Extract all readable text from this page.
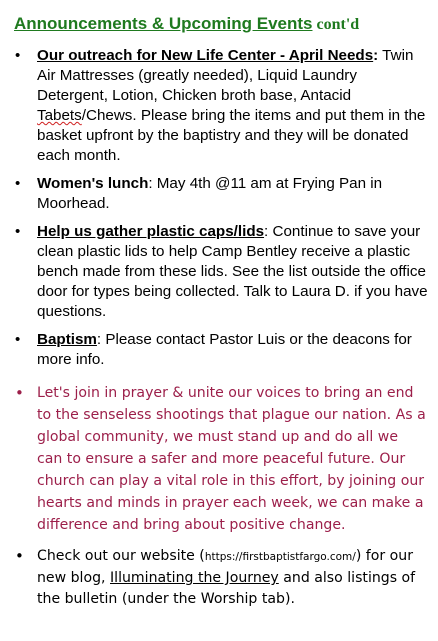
Announcements & Upcoming Events cont'd
• Our outreach for New Life Center - April Needs: Twin Air Mattresses (greatly needed), Liquid Laundry Detergent, Lotion, Chicken broth base, Antacid Tabets/Chews. Please bring the items and put them in the basket upfront by the baptistry and they will be donated each month.
• Women's lunch: May 4th @11 am at Frying Pan in Moorhead.
• Help us gather plastic caps/lids: Continue to save your clean plastic lids to help Camp Bentley receive a plastic bench made from these lids. See the list outside the office door for types being collected. Talk to Laura D. if you have questions.
• Baptism: Please contact Pastor Luis or the deacons for more info.
• Let's join in prayer & unite our voices to bring an end to the senseless shootings that plague our nation. As a global community, we must stand up and do all we can to ensure a safer and more peaceful future. Our church can play a vital role in this effort, by joining our hearts and minds in prayer each week, we can make a difference and bring about positive change.
• Check out our website (https://firstbaptistfargo.com/) for our new blog, Illuminating the Journey and also listings of the bulletin (under the Worship tab).
